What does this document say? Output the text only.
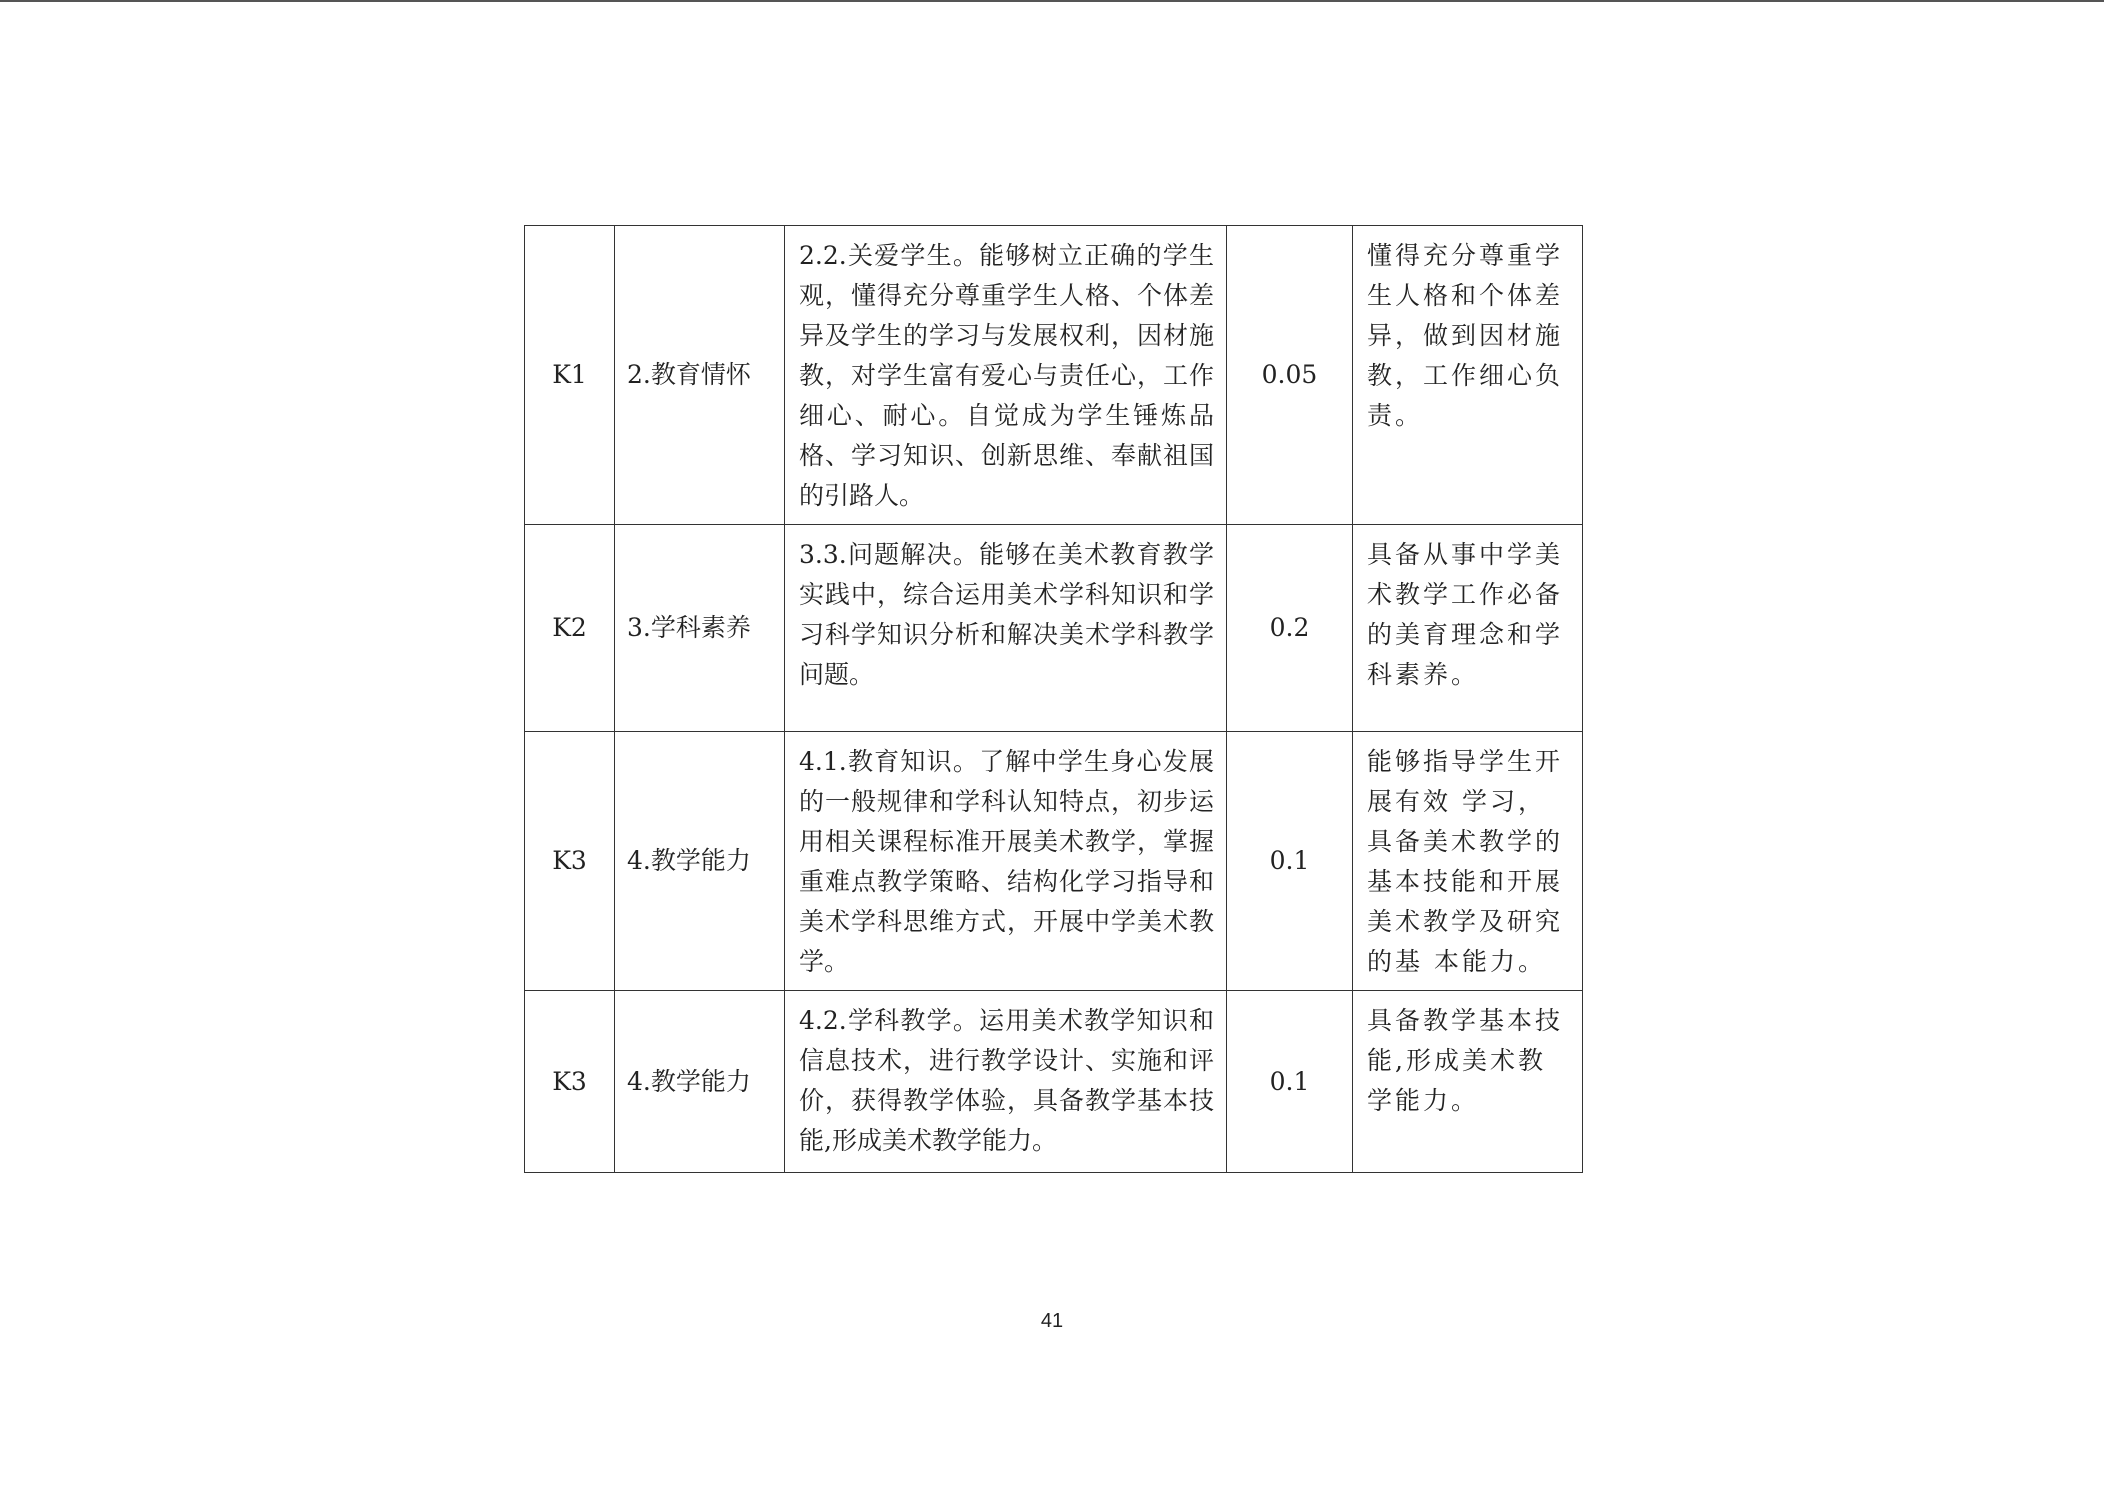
K1	2.教育情怀	2.2.关爱学生。能够树立正确的学生观，懂得充分尊重学生人格、个体差异及学生的学习与发展权利，因材施教，对学生富有爱心与责任心，工作细心、耐心。自觉成为学生锤炼品格、学习知识、创新思维、奉献祖国的引路人。	0.05	懂得充分尊重学生人格和个体差异，做到因材施教，工作细心负责。
K2	3.学科素养	3.3.问题解决。能够在美术教育教学实践中，综合运用美术学科知识和学习科学知识分析和解决美术学科教学问题。	0.2	具备从事中学美术教学工作必备的美育理念和学科素养。
K3	4.教学能力	4.1.教育知识。了解中学生身心发展的一般规律和学科认知特点，初步运用相关课程标准开展美术教学，掌握重难点教学策略、结构化学习指导和美术学科思维方式，开展中学美术教学。	0.1	能够指导学生开展有效 学习，具备美术教学的基本技能和开展美术教学及研究的基 本能力。
K3	4.教学能力	4.2.学科教学。运用美术教学知识和信息技术，进行教学设计、实施和评价，获得教学体验，具备教学基本技能,形成美术教学能力。	0.1	具备教学基本技能,形成美术教学能力。
41
